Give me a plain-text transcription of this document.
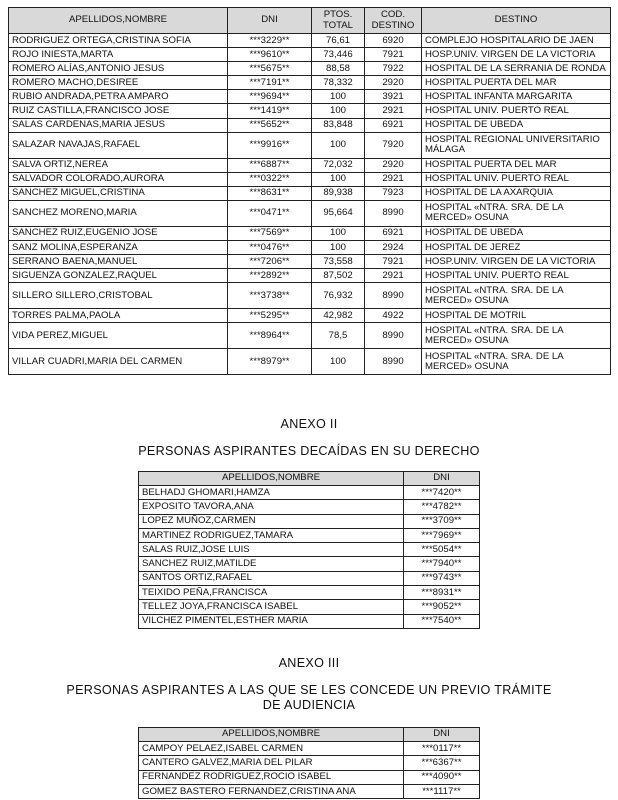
APELLIDOS,NOMBRE	DNI	PTOS. TOTAL	COD. DESTINO	DESTINO
RODRIGUEZ ORTEGA,CRISTINA SOFIA	***3229**	76,61	6920	COMPLEJO HOSPITALARIO DE JAEN
ROJO INIESTA,MARTA	***9610**	73,446	7921	HOSP.UNIV. VIRGEN DE LA VICTORIA
ROMERO ALÍAS,ANTONIO JESUS	***5675**	88,58	7922	HOSPITAL DE LA SERRANIA DE RONDA
ROMERO MACHO,DESIREE	***7191**	78,332	2920	HOSPITAL PUERTA DEL MAR
RUBIO ANDRADA,PETRA AMPARO	***9694**	100	3921	HOSPITAL INFANTA MARGARITA
RUIZ CASTILLA,FRANCISCO JOSE	***1419**	100	2921	HOSPITAL UNIV. PUERTO REAL
SALAS CARDENAS,MARIA JESUS	***5652**	83,848	6921	HOSPITAL DE UBEDA
SALAZAR NAVAJAS,RAFAEL	***9916**	100	7920	HOSPITAL REGIONAL UNIVERSITARIO MÁLAGA
SALVA ORTIZ,NEREA	***6887**	72,032	2920	HOSPITAL PUERTA DEL MAR
SALVADOR COLORADO,AURORA	***0322**	100	2921	HOSPITAL UNIV. PUERTO REAL
SANCHEZ MIGUEL,CRISTINA	***8631**	89,938	7923	HOSPITAL DE LA AXARQUIA
SANCHEZ MORENO,MARIA	***0471**	95,664	8990	HOSPITAL «NTRA. SRA. DE LA MERCED» OSUNA
SANCHEZ RUIZ,EUGENIO JOSE	***7569**	100	6921	HOSPITAL DE UBEDA
SANZ MOLINA,ESPERANZA	***0476**	100	2924	HOSPITAL DE JEREZ
SERRANO BAENA,MANUEL	***7206**	73,558	7921	HOSP.UNIV. VIRGEN DE LA VICTORIA
SIGUENZA GONZALEZ,RAQUEL	***2892**	87,502	2921	HOSPITAL UNIV. PUERTO REAL
SILLERO SILLERO,CRISTOBAL	***3738**	76,932	8990	HOSPITAL «NTRA. SRA. DE LA MERCED» OSUNA
TORRES PALMA,PAOLA	***5295**	42,982	4922	HOSPITAL DE MOTRIL
VIDA PEREZ,MIGUEL	***8964**	78,5	8990	HOSPITAL «NTRA. SRA. DE LA MERCED» OSUNA
VILLAR CUADRI,MARIA DEL CARMEN	***8979**	100	8990	HOSPITAL «NTRA. SRA. DE LA MERCED» OSUNA
ANEXO II
PERSONAS ASPIRANTES DECAÍDAS EN SU DERECHO
APELLIDOS,NOMBRE	DNI
BELHADJ GHOMARI,HAMZA	***7420**
EXPOSITO TAVORA,ANA	***4782**
LOPEZ MUÑOZ,CARMEN	***3709**
MARTINEZ RODRIGUEZ,TAMARA	***7969**
SALAS RUIZ,JOSE LUIS	***5054**
SANCHEZ RUIZ,MATILDE	***7940**
SANTOS ORTIZ,RAFAEL	***9743**
TEIXIDO PEÑA,FRANCISCA	***8931**
TELLEZ JOYA,FRANCISCA ISABEL	***9052**
VILCHEZ PIMENTEL,ESTHER MARIA	***7540**
ANEXO III
PERSONAS ASPIRANTES A LAS QUE SE LES CONCEDE UN PREVIO TRÁMITE
DE AUDIENCIA
APELLIDOS,NOMBRE	DNI
CAMPOY PELAEZ,ISABEL CARMEN	***0117**
CANTERO GALVEZ,MARIA DEL PILAR	***6367**
FERNANDEZ RODRIGUEZ,ROCIO ISABEL	***4090**
GOMEZ BASTERO FERNANDEZ,CRISTINA ANA	***1117**
